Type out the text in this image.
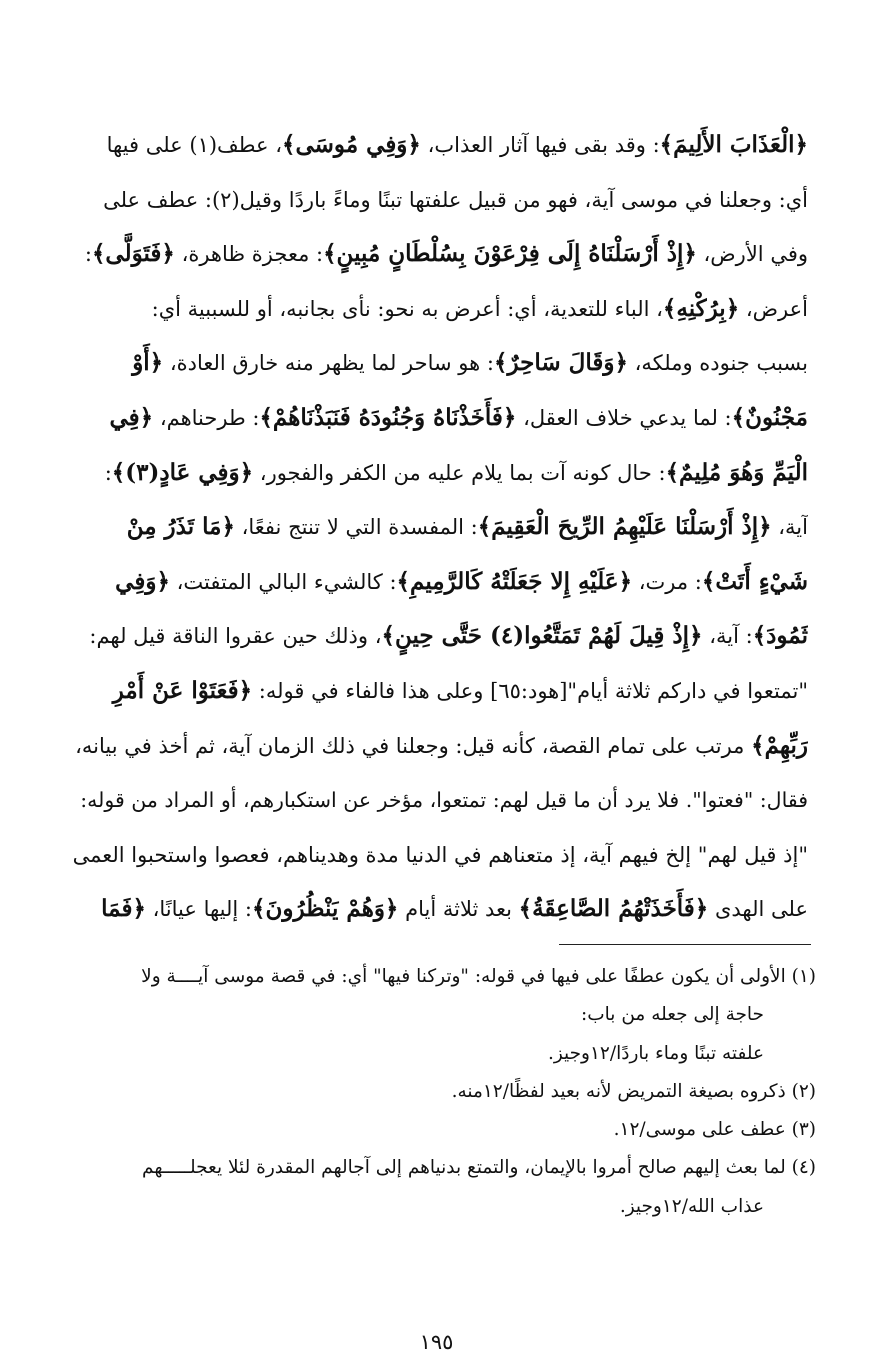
﴿الْعَذَابَ الأَلِيمَ﴾: وقد بقى فيها آثار العذاب، ﴿وَفِي مُوسَى﴾، عطف(١) على فيها
أي: وجعلنا في موسى آية، فهو من قبيل علفتها تبنًا وماءً باردًا وقيل(٢): عطف على
وفي الأرض، ﴿إِذْ أَرْسَلْنَاهُ إِلَى فِرْعَوْنَ بِسُلْطَانٍ مُبِينٍ﴾: معجزة ظاهرة، ﴿فَتَوَلَّى﴾:
أعرض، ﴿بِرُكْنِهِ﴾، الباء للتعدية، أي: أعرض به نحو: نأى بجانبه، أو للسببية أي:
بسبب جنوده وملكه، ﴿وَقَالَ سَاحِرٌ﴾: هو ساحر لما يظهر منه خارق العادة، ﴿أَوْ
مَجْنُونٌ﴾: لما يدعي خلاف العقل، ﴿فَأَخَذْنَاهُ وَجُنُودَهُ فَنَبَذْنَاهُمْ﴾: طرحناهم، ﴿فِي
الْيَمِّ وَهُوَ مُلِيمٌ﴾: حال كونه آت بما يلام عليه من الكفر والفجور، ﴿وَفِي عَادٍ(٣)﴾:
آية، ﴿إِذْ أَرْسَلْنَا عَلَيْهِمُ الرِّيحَ الْعَقِيمَ﴾: المفسدة التي لا تنتج نفعًا، ﴿مَا تَذَرُ مِنْ
شَيْءٍ أَتَتْ﴾: مرت، ﴿عَلَيْهِ إِلا جَعَلَتْهُ كَالرَّمِيمِ﴾: كالشيء البالي المتفتت، ﴿وَفِي
ثَمُودَ﴾: آية، ﴿إِذْ قِيلَ لَهُمْ تَمَتَّعُوا(٤) حَتَّى حِينٍ﴾، وذلك حين عقروا الناقة قيل لهم:
"تمتعوا في داركم ثلاثة أيام"[هود:٦٥] وعلى هذا فالفاء في قوله: ﴿فَعَتَوْا عَنْ أَمْرِ
رَبِّهِمْ﴾ مرتب على تمام القصة، كأنه قيل: وجعلنا في ذلك الزمان آية، ثم أخذ في بيانه،
فقال: "فعتوا". فلا يرد أن ما قيل لهم: تمتعوا، مؤخر عن استكبارهم، أو المراد من قوله:
"إذ قيل لهم" إلخ فيهم آية، إذ متعناهم في الدنيا مدة وهديناهم، فعصوا واستحبوا العمى
على الهدى ﴿فَأَخَذَتْهُمُ الصَّاعِقَةُ﴾ بعد ثلاثة أيام ﴿وَهُمْ يَنْظُرُونَ﴾: إليها عيانًا، ﴿فَمَا
(١) الأولى أن يكون عطفًا على فيها في قوله: "وتركنا فيها" أي: في قصة موسى آيــــة ولا
حاجة إلى جعله من باب:
علفته تبنًا وماء باردًا/١٢وجيز.
(٢) ذكروه بصيغة التمريض لأنه بعيد لفظًا/١٢منه.
(٣) عطف على موسى/١٢.
(٤) لما بعث إليهم صالح أمروا بالإيمان، والتمتع بدنياهم إلى آجالهم المقدرة لئلا يعجلـــــهم
عذاب الله/١٢وجيز.
١٩٥
